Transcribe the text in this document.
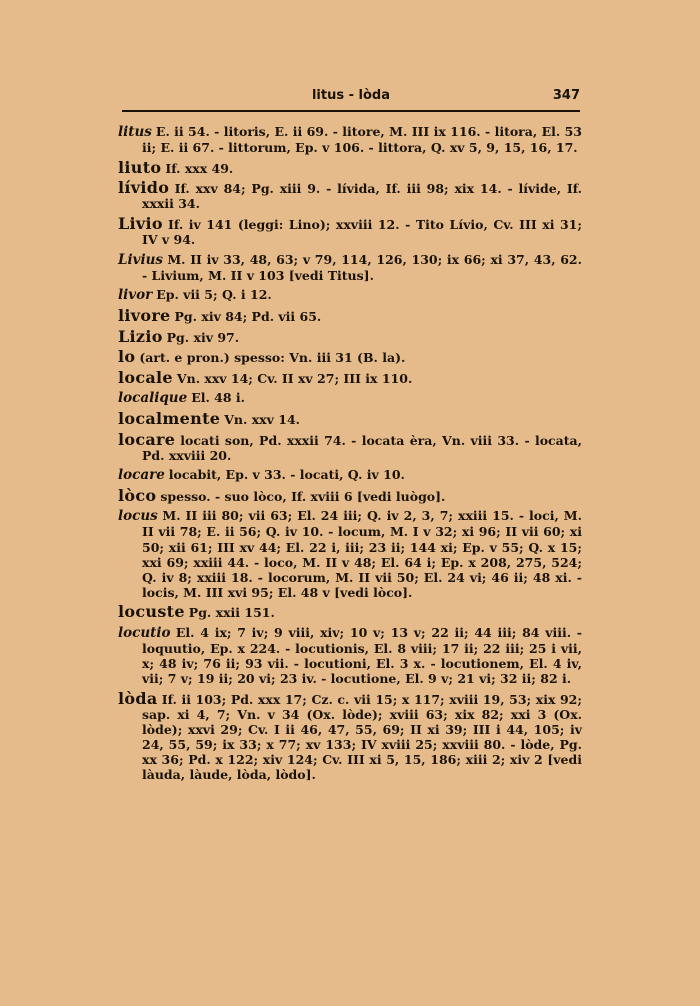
litus - lòda	347

litus E. ii 54. - litoris, E. ii 69. - litore, M. III ix 116. - litora, El. 53 ii; E. ii 67. - littorum, Ep. v 106. - littora, Q. xv 5, 9, 15, 16, 17.

liuto If. xxx 49.

lívido If. xxv 84; Pg. xiii 9. - lívida, If. iii 98; xix 14. - lívide, If. xxxii 34.

Livio If. iv 141 (leggi: Lino); xxviii 12. - Tito Lívio, Cv. III xi 31; IV v 94.

Livius M. II iv 33, 48, 63; v 79, 114, 126, 130; ix 66; xi 37, 43, 62. - Livium, M. II v 103 [vedi Titus].

livor Ep. vii 5; Q. i 12.

livore Pg. xiv 84; Pd. vii 65.

Lizio Pg. xiv 97.

lo (art. e pron.) spesso: Vn. iii 31 (B. la).

locale Vn. xxv 14; Cv. II xv 27; III ix 110.

localique El. 48 i.

localmente Vn. xxv 14.

locare locati son, Pd. xxxii 74. - locata èra, Vn. viii 33. - locata, Pd. xxviii 20.

locare locabit, Ep. v 33. - locati, Q. iv 10.

lòco spesso. - suo lòco, If. xviii 6 [vedi luògo].

locus M. II iii 80; vii 63; El. 24 iii; Q. iv 2, 3, 7; xxiii 15. - loci, M. II vii 78; E. ii 56; Q. iv 10. - locum, M. I v 32; xi 96; II vii 60; xi 50; xii 61; III xv 44; El. 22 i, iii; 23 ii; 144 xi; Ep. v 55; Q. x 15; xxi 69; xxiii 44. - loco, M. II v 48; El. 64 i; Ep. x 208, 275, 524; Q. iv 8; xxiii 18. - locorum, M. II vii 50; El. 24 vi; 46 ii; 48 xi. - locis, M. III xvi 95; El. 48 v [vedi lòco].

locuste Pg. xxii 151.

locutio El. 4 ix; 7 iv; 9 viii, xiv; 10 v; 13 v; 22 ii; 44 iii; 84 viii. - loquutio, Ep. x 224. - locutionis, El. 8 viii; 17 ii; 22 iii; 25 i vii, x; 48 iv; 76 ii; 93 vii. - locutioni, El. 3 x. - locutionem, El. 4 iv, vii; 7 v; 19 ii; 20 vi; 23 iv. - locutione, El. 9 v; 21 vi; 32 ii; 82 i.

lòda If. ii 103; Pd. xxx 17; Cz. c. vii 15; x 117; xviii 19, 53; xix 92; sap. xi 4, 7; Vn. v 34 (Ox. lòde); xviii 63; xix 82; xxi 3 (Ox. lòde); xxvi 29; Cv. I ii 46, 47, 55, 69; II xi 39; III i 44, 105; iv 24, 55, 59; ix 33; x 77; xv 133; IV xviii 25; xxviii 80. - lòde, Pg. xx 36; Pd. x 122; xiv 124; Cv. III xi 5, 15, 186; xiii 2; xiv 2 [vedi làuda, làude, lòda, lòdo].
